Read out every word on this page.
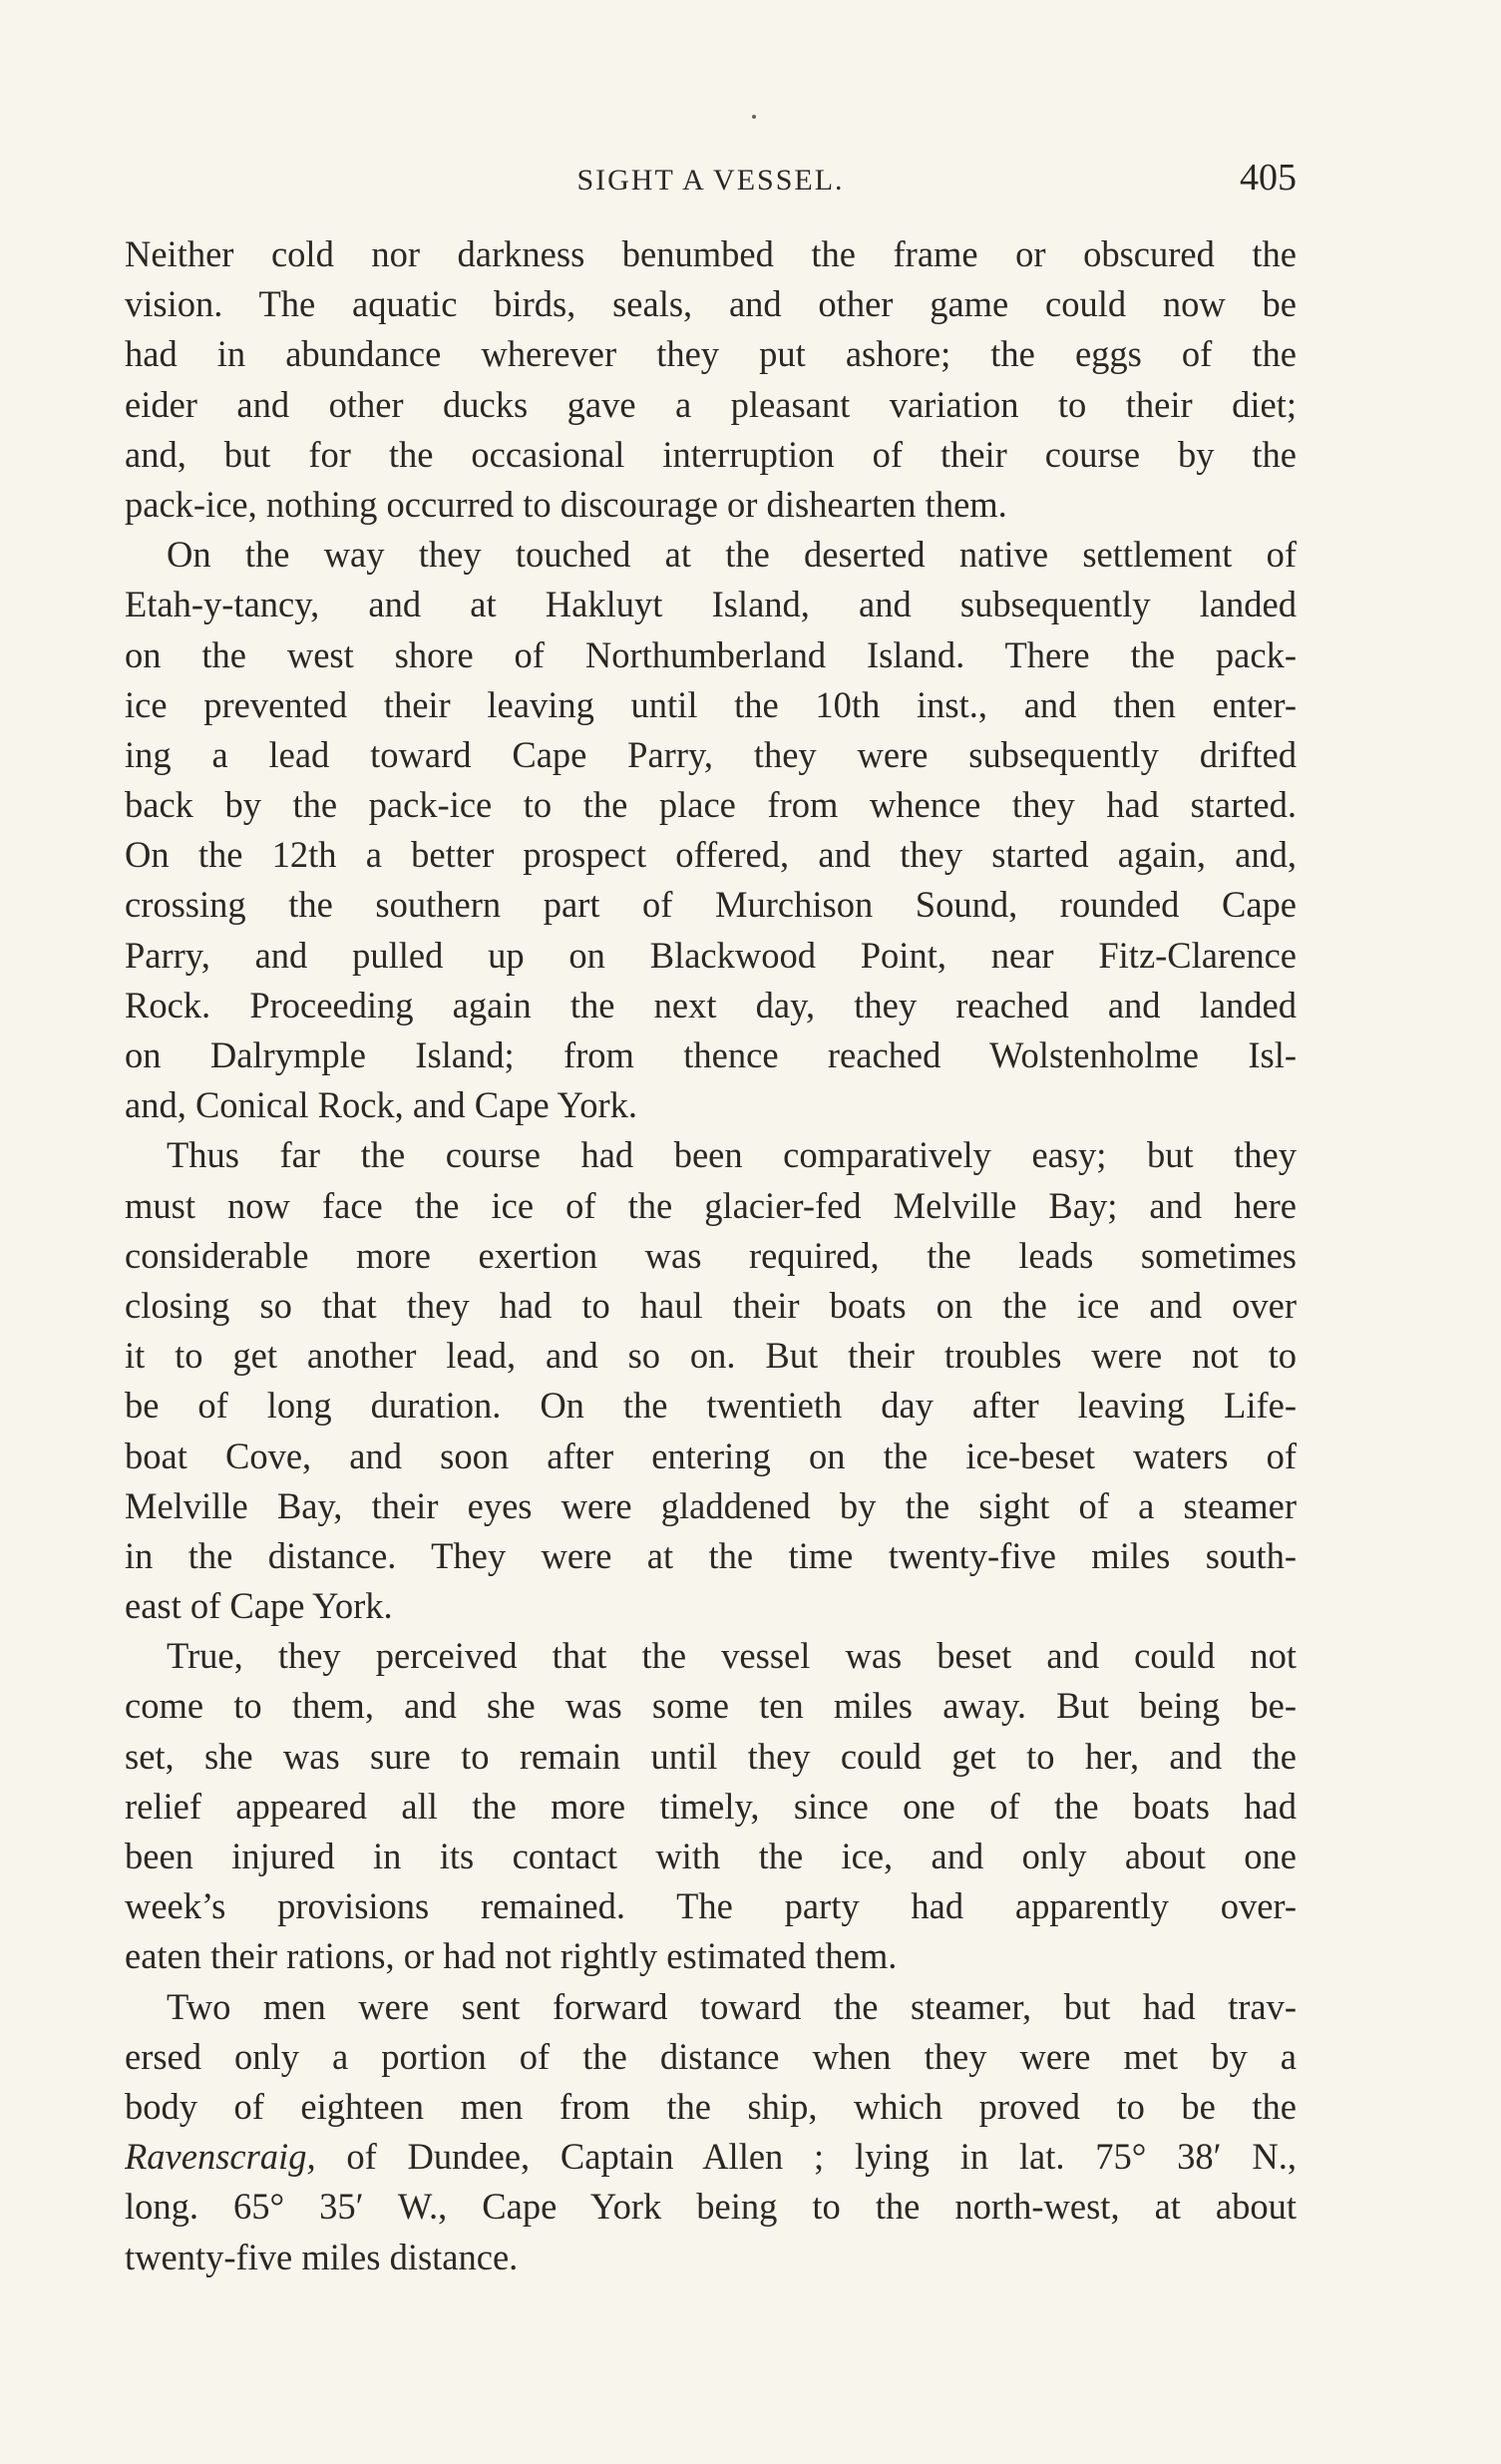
SIGHT A VESSEL.	405
Neither cold nor darkness benumbed the frame or obscured the
vision. The aquatic birds, seals, and other game could now be
had in abundance wherever they put ashore; the eggs of the
eider and other ducks gave a pleasant variation to their diet;
and, but for the occasional interruption of their course by the
pack-ice, nothing occurred to discourage or dishearten them.
On the way they touched at the deserted native settlement of
Etah-y-tancy, and at Hakluyt Island, and subsequently landed
on the west shore of Northumberland Island. There the pack-
ice prevented their leaving until the 10th inst., and then enter-
ing a lead toward Cape Parry, they were subsequently drifted
back by the pack-ice to the place from whence they had started.
On the 12th a better prospect offered, and they started again, and,
crossing the southern part of Murchison Sound, rounded Cape
Parry, and pulled up on Blackwood Point, near Fitz-Clarence
Rock. Proceeding again the next day, they reached and landed
on Dalrymple Island; from thence reached Wolstenholme Isl-
and, Conical Rock, and Cape York.
Thus far the course had been comparatively easy; but they
must now face the ice of the glacier-fed Melville Bay; and here
considerable more exertion was required, the leads sometimes
closing so that they had to haul their boats on the ice and over
it to get another lead, and so on. But their troubles were not to
be of long duration. On the twentieth day after leaving Life-
boat Cove, and soon after entering on the ice-beset waters of
Melville Bay, their eyes were gladdened by the sight of a steamer
in the distance. They were at the time twenty-five miles south-
east of Cape York.
True, they perceived that the vessel was beset and could not
come to them, and she was some ten miles away. But being be-
set, she was sure to remain until they could get to her, and the
relief appeared all the more timely, since one of the boats had
been injured in its contact with the ice, and only about one
week’s provisions remained. The party had apparently over-
eaten their rations, or had not rightly estimated them.
Two men were sent forward toward the steamer, but had trav-
ersed only a portion of the distance when they were met by a
body of eighteen men from the ship, which proved to be the
Ravenscraig, of Dundee, Captain Allen ; lying in lat. 75° 38′ N.,
long. 65° 35′ W., Cape York being to the north-west, at about
twenty-five miles distance.
